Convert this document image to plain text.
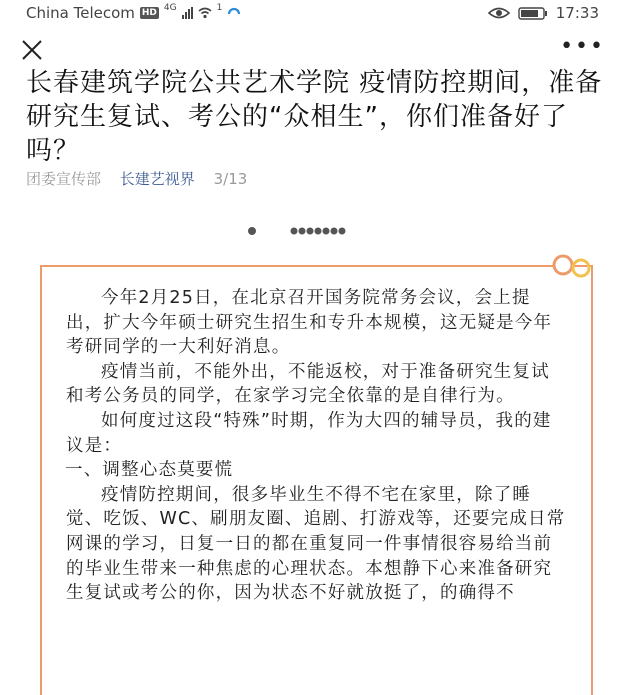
China Telecom HD 4G	1	17:33
•••
长春建筑学院公共艺术学院 疫情防控期间，准备研究生复试、考公的“众相生”，你们准备好了吗？
团委宣传部 长建艺视界 3/13

今年2月25日，在北京召开国务院常务会议，会上提出，扩大今年硕士研究生招生和专升本规模，这无疑是今年考研同学的一大利好消息。

疫情当前，不能外出，不能返校，对于准备研究生复试和考公务员的同学，在家学习完全依靠的是自律行为。

如何度过这段“特殊”时期，作为大四的辅导员，我的建议是：

一、调整心态莫要慌

疫情防控期间，很多毕业生不得不宅在家里，除了睡觉、吃饭、WC、刷朋友圈、追剧、打游戏等，还要完成日常网课的学习，日复一日的都在重复同一件事情很容易给当前的毕业生带来一种焦虑的心理状态。本想静下心来准备研究生复试或考公的你，因为状态不好就放挺了，的确得不
